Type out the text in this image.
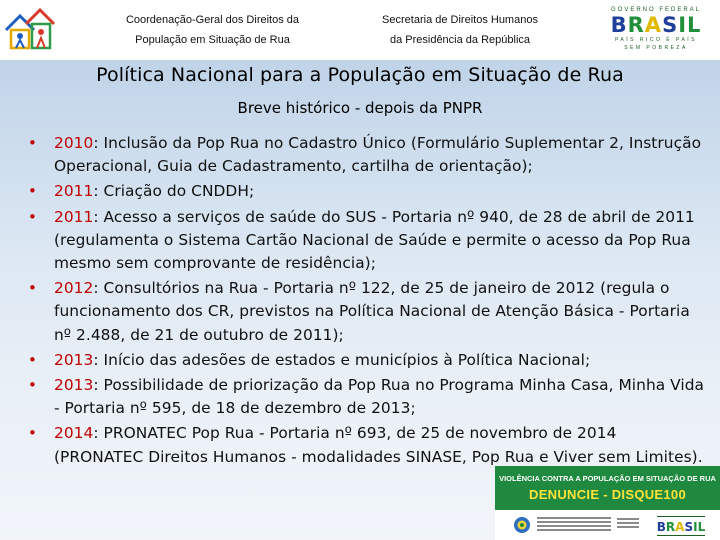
Coordenação-Geral dos Direitos da
População em Situação de Rua
Secretaria de Direitos Humanos
da Presidência da República
GOVERNO FEDERAL
BRASIL
PAÍS RICO É PAÍS SEM POBREZA
Política Nacional para a População em Situação de Rua
Breve histórico - depois da PNPR
• 2010: Inclusão da Pop Rua no Cadastro Único (Formulário Suplementar 2, Instrução Operacional, Guia de Cadastramento, cartilha de orientação);
• 2011: Criação do CNDDH;
• 2011: Acesso a serviços de saúde do SUS - Portaria nº 940, de 28 de abril de 2011 (regulamenta o Sistema Cartão Nacional de Saúde e permite o acesso da Pop Rua mesmo sem comprovante de residência);
• 2012: Consultórios na Rua - Portaria nº 122, de 25 de janeiro de 2012 (regula o funcionamento dos CR, previstos na Política Nacional de Atenção Básica - Portaria nº 2.488, de 21 de outubro de 2011);
• 2013: Início das adesões de estados e municípios à Política Nacional;
• 2013: Possibilidade de priorização da Pop Rua no Programa Minha Casa, Minha Vida - Portaria nº 595, de 18 de dezembro de 2013;
• 2014: PRONATEC Pop Rua - Portaria nº 693, de 25 de novembro de 2014 (PRONATEC Direitos Humanos - modalidades SINASE, Pop Rua e Viver sem Limites).
VIOLÊNCIA CONTRA A POPULAÇÃO EM SITUAÇÃO DE RUA
DENUNCIE - DISQUE100
BRASIL
